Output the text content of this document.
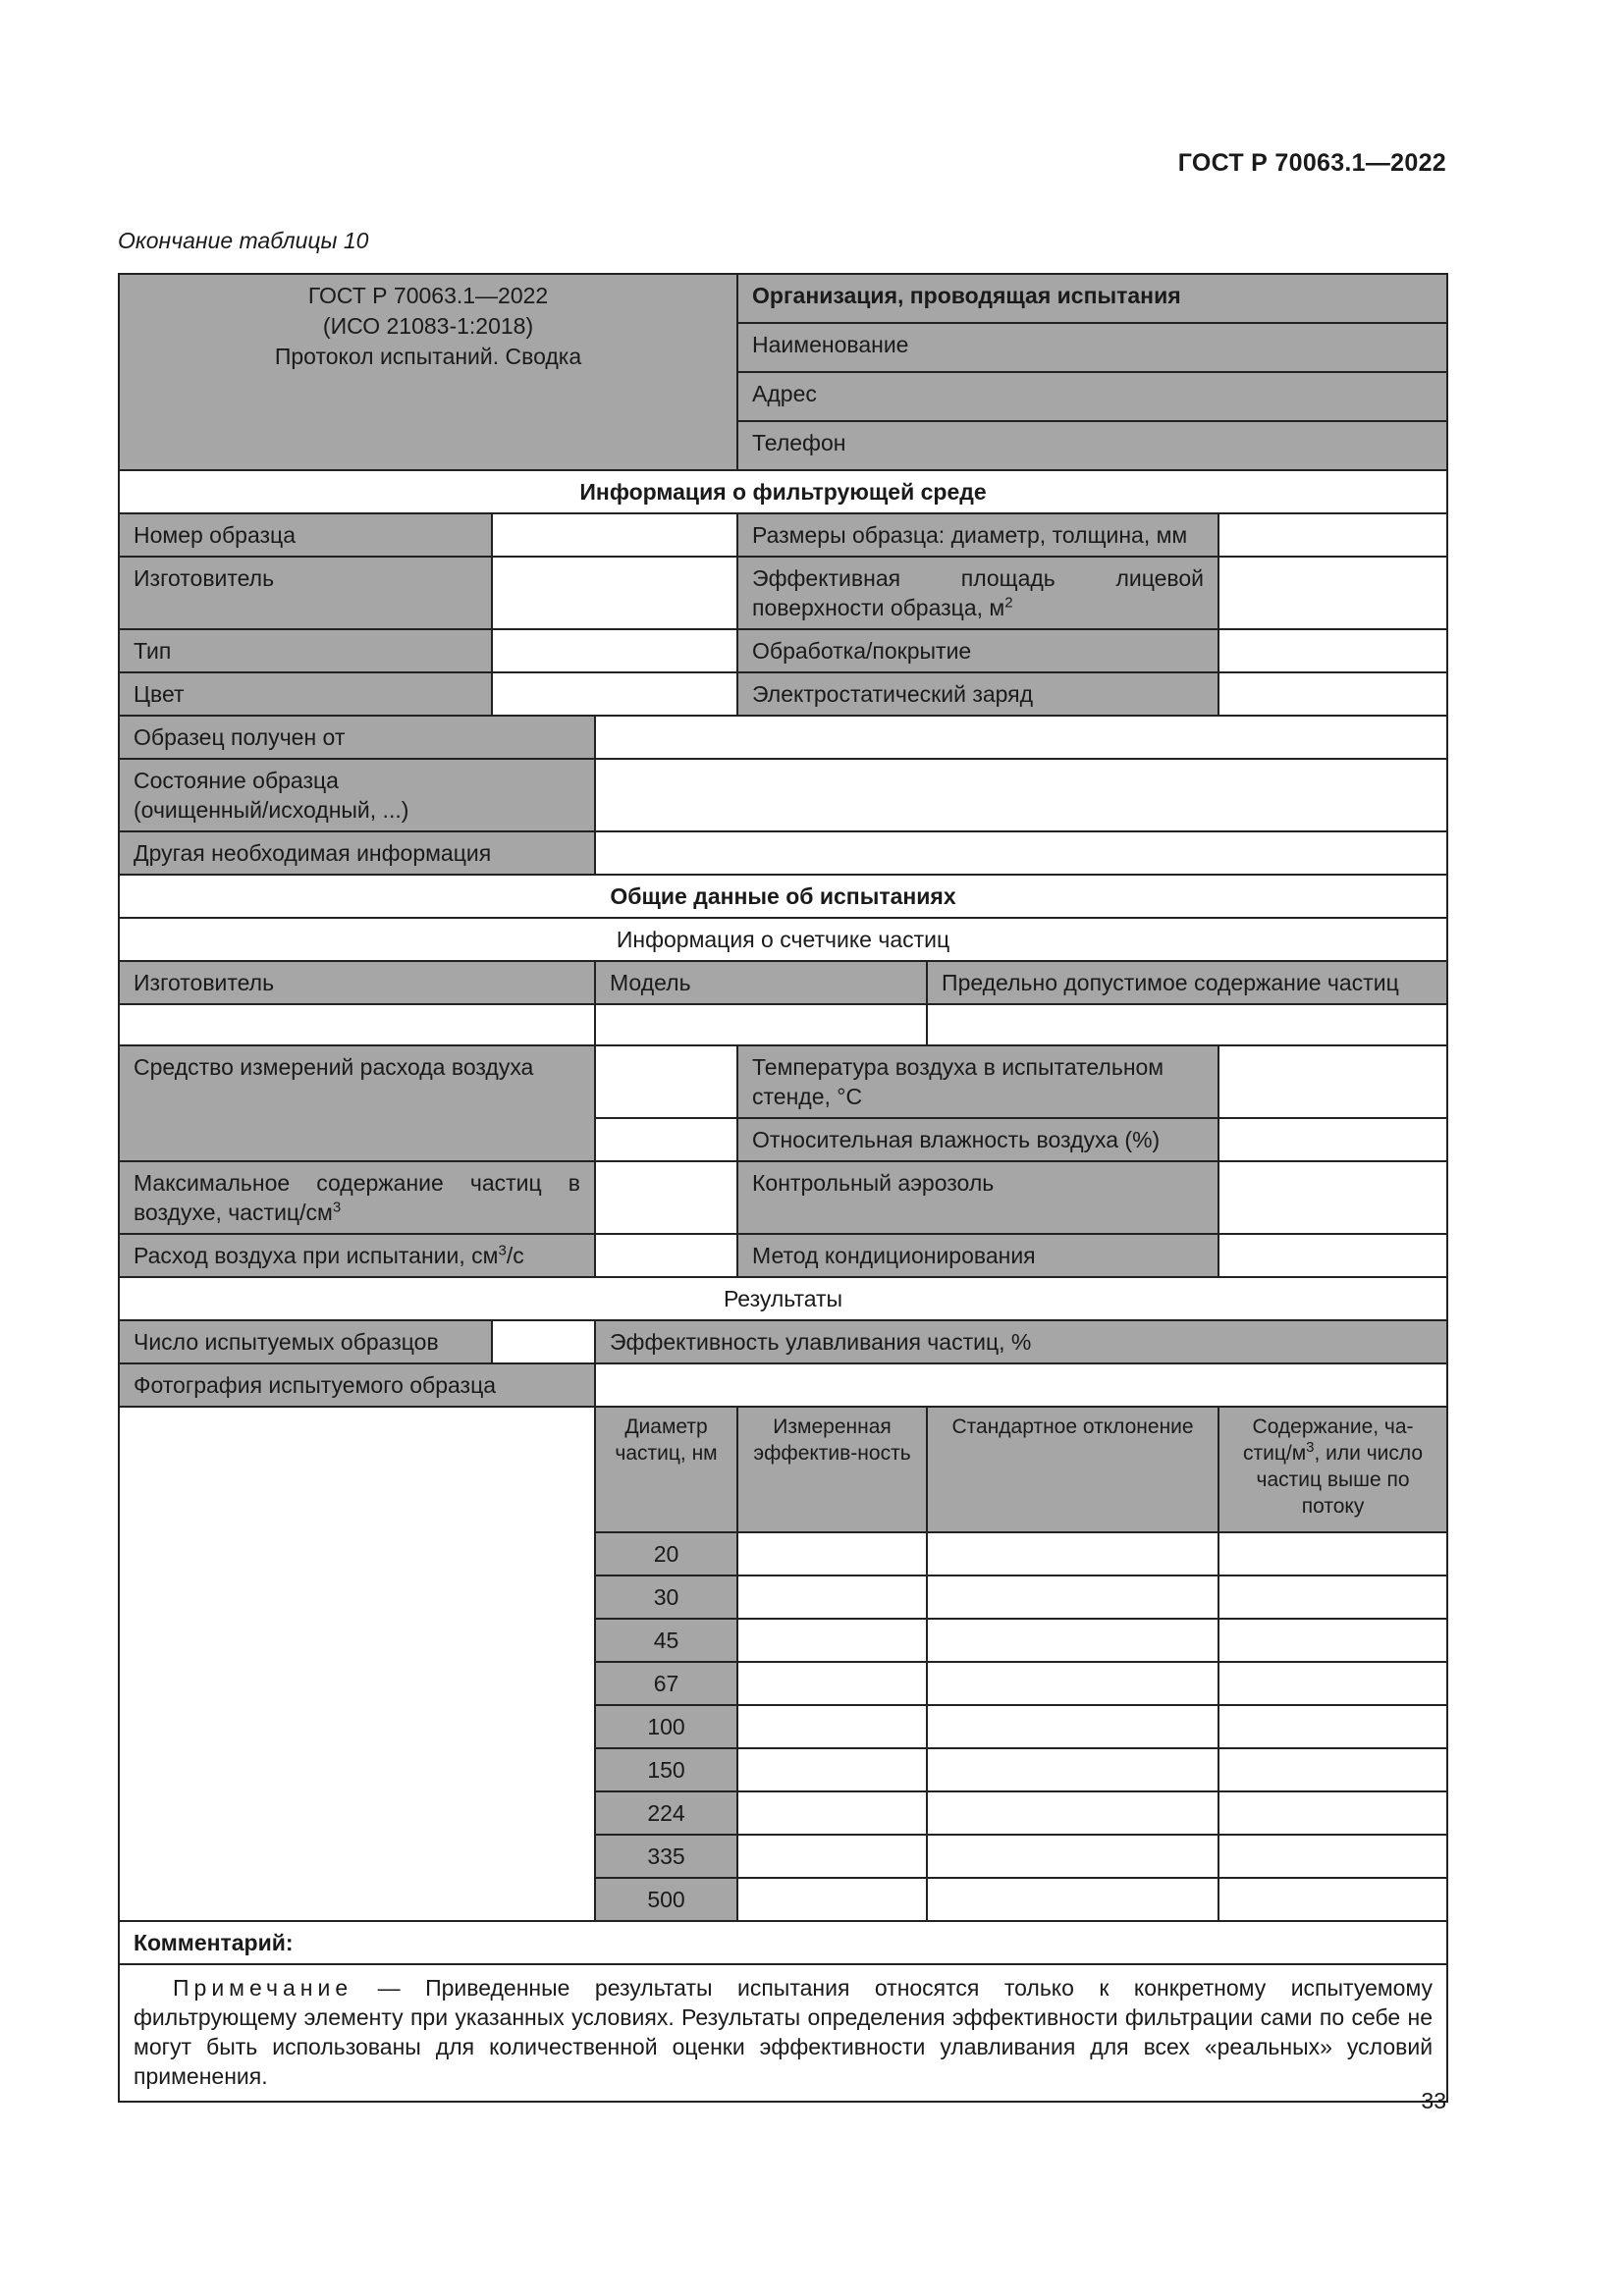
ГОСТ Р 70063.1—2022
Окончание таблицы 10
ГОСТ Р 70063.1—2022
(ИСО 21083-1:2018)
Протокол испытаний. Сводка			Организация, проводящая испытания		
			Наименование		
			Адрес		
			Телефон		
Информация о фильтрующей среде					
Номер образца			Размеры образца: диаметр, толщина, мм		
Изготовитель			Эффективная площадь лицевой поверхности образца, $м^2$	
Тип			Обработка/покрытие		
Цвет			Электростатический заряд		
Образец получен от					

Состояние образца
(очищенный/исходный, ...)					

Другая необходимая информация					
Общие данные об испытаниях					
Информация о счетчике частиц					
Изготовитель		Модель		Предельно допустимое содержание частиц	

Средство измерений расхода воздуха			Температура воздуха в испытательном стенде, °С		
			Относительная влажность воздуха (%)		
Максимальное содержание частиц в воздухе, частиц/$см^3$			Контрольный аэрозоль		
Расход воздуха при испытании, $см^3/с$			Метод кондиционирования		
Результаты					
Число испытуемых образцов		Эффективность улавливания частиц, %			
Фотография испытуемого образца					
		Диаметр частиц, нм	Измеренная эффектив-ность	Стандартное отклонение	Содержание, $ча-стиц/м^3$, или число частиц выше по потоку
		20			
		30			
		45			
		67			
		100			
		150			
		224			
		335			
		500			
Комментарий:					
Примечание — Приведенные результаты испытания относятся только к конкретному испытуемому фильтрующему элементу при указанных условиях. Результаты определения эффективности фильтрации сами по себе не могут быть использованы для количественной оценки эффективности улавливания для всех «реальных» условий применения.					
33
